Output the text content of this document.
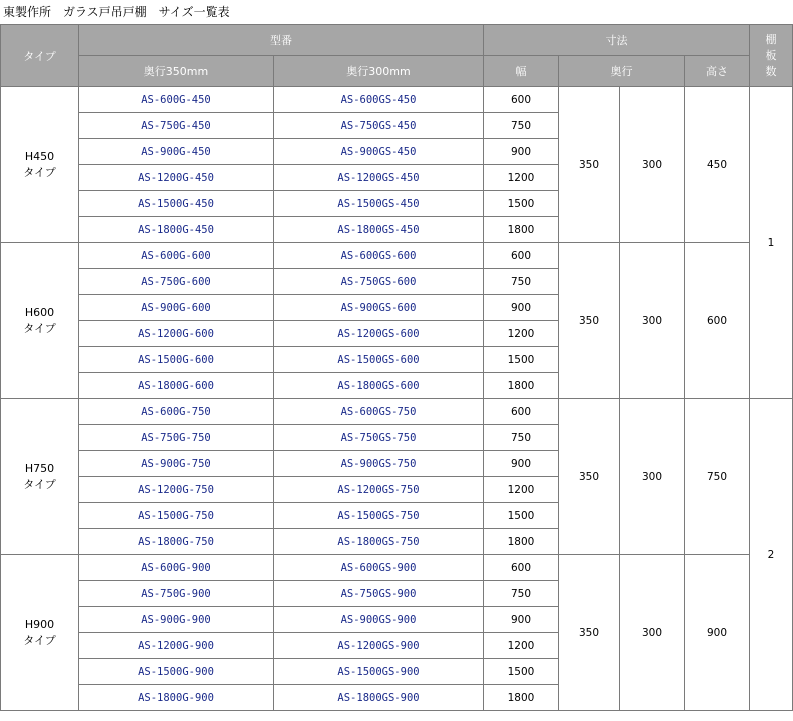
東製作所　ガラス戸吊戸棚　サイズ一覧表
タイプ	型番		寸法				棚
板
数

	奥行350mm	奥行300mm	幅	奥行		高さ	

H450
タイプ	AS-600G-450	AS-600GS-450	600	350	300	450	1
	AS-750G-450	AS-750GS-450	750				
	AS-900G-450	AS-900GS-450	900				
	AS-1200G-450	AS-1200GS-450	1200				
	AS-1500G-450	AS-1500GS-450	1500				
	AS-1800G-450	AS-1800GS-450	1800				

H600
タイプ	AS-600G-600	AS-600GS-600	600	350	300	600	
	AS-750G-600	AS-750GS-600	750				
	AS-900G-600	AS-900GS-600	900				
	AS-1200G-600	AS-1200GS-600	1200				
	AS-1500G-600	AS-1500GS-600	1500				
	AS-1800G-600	AS-1800GS-600	1800				

H750
タイプ	AS-600G-750	AS-600GS-750	600	350	300	750	2
	AS-750G-750	AS-750GS-750	750				
	AS-900G-750	AS-900GS-750	900				
	AS-1200G-750	AS-1200GS-750	1200				
	AS-1500G-750	AS-1500GS-750	1500				
	AS-1800G-750	AS-1800GS-750	1800				

H900
タイプ	AS-600G-900	AS-600GS-900	600	350	300	900	
	AS-750G-900	AS-750GS-900	750				
	AS-900G-900	AS-900GS-900	900				
	AS-1200G-900	AS-1200GS-900	1200				
	AS-1500G-900	AS-1500GS-900	1500				
	AS-1800G-900	AS-1800GS-900	1800				
